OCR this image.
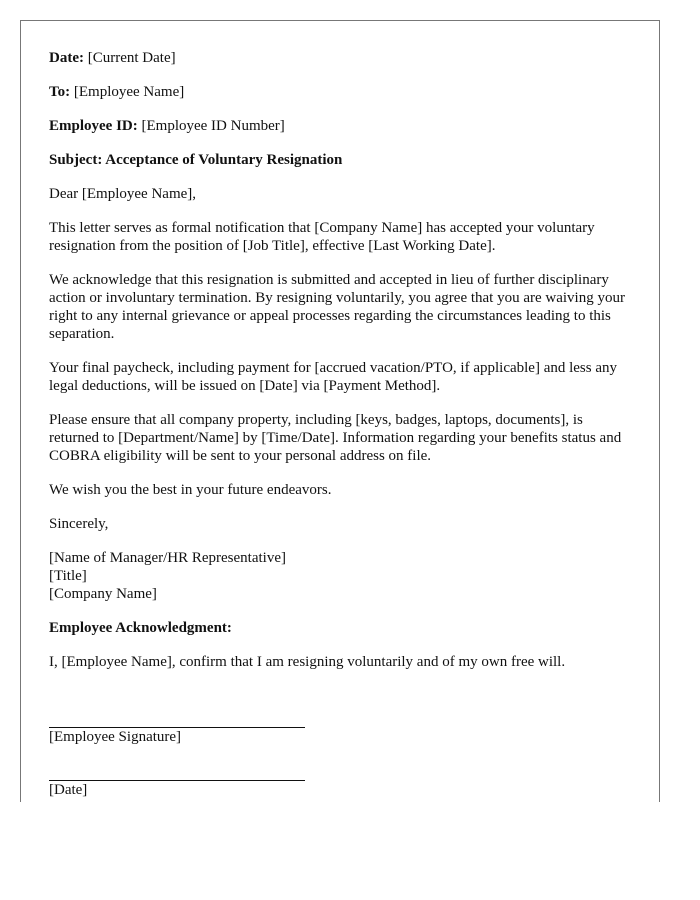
Date: [Current Date]

To: [Employee Name]

Employee ID: [Employee ID Number]

Subject: Acceptance of Voluntary Resignation

Dear [Employee Name],

This letter serves as formal notification that [Company Name] has accepted your voluntary resignation from the position of [Job Title], effective [Last Working Date].

We acknowledge that this resignation is submitted and accepted in lieu of further disciplinary action or involuntary termination. By resigning voluntarily, you agree that you are waiving your right to any internal grievance or appeal processes regarding the circumstances leading to this separation.

Your final paycheck, including payment for [accrued vacation/PTO, if applicable] and less any legal deductions, will be issued on [Date] via [Payment Method].

Please ensure that all company property, including [keys, badges, laptops, documents], is returned to [Department/Name] by [Time/Date]. Information regarding your benefits status and COBRA eligibility will be sent to your personal address on file.

We wish you the best in your future endeavors.

Sincerely,

[Name of Manager/HR Representative]
[Title]
[Company Name]

Employee Acknowledgment:

I, [Employee Name], confirm that I am resigning voluntarily and of my own free will.

[Employee Signature]

[Date]
